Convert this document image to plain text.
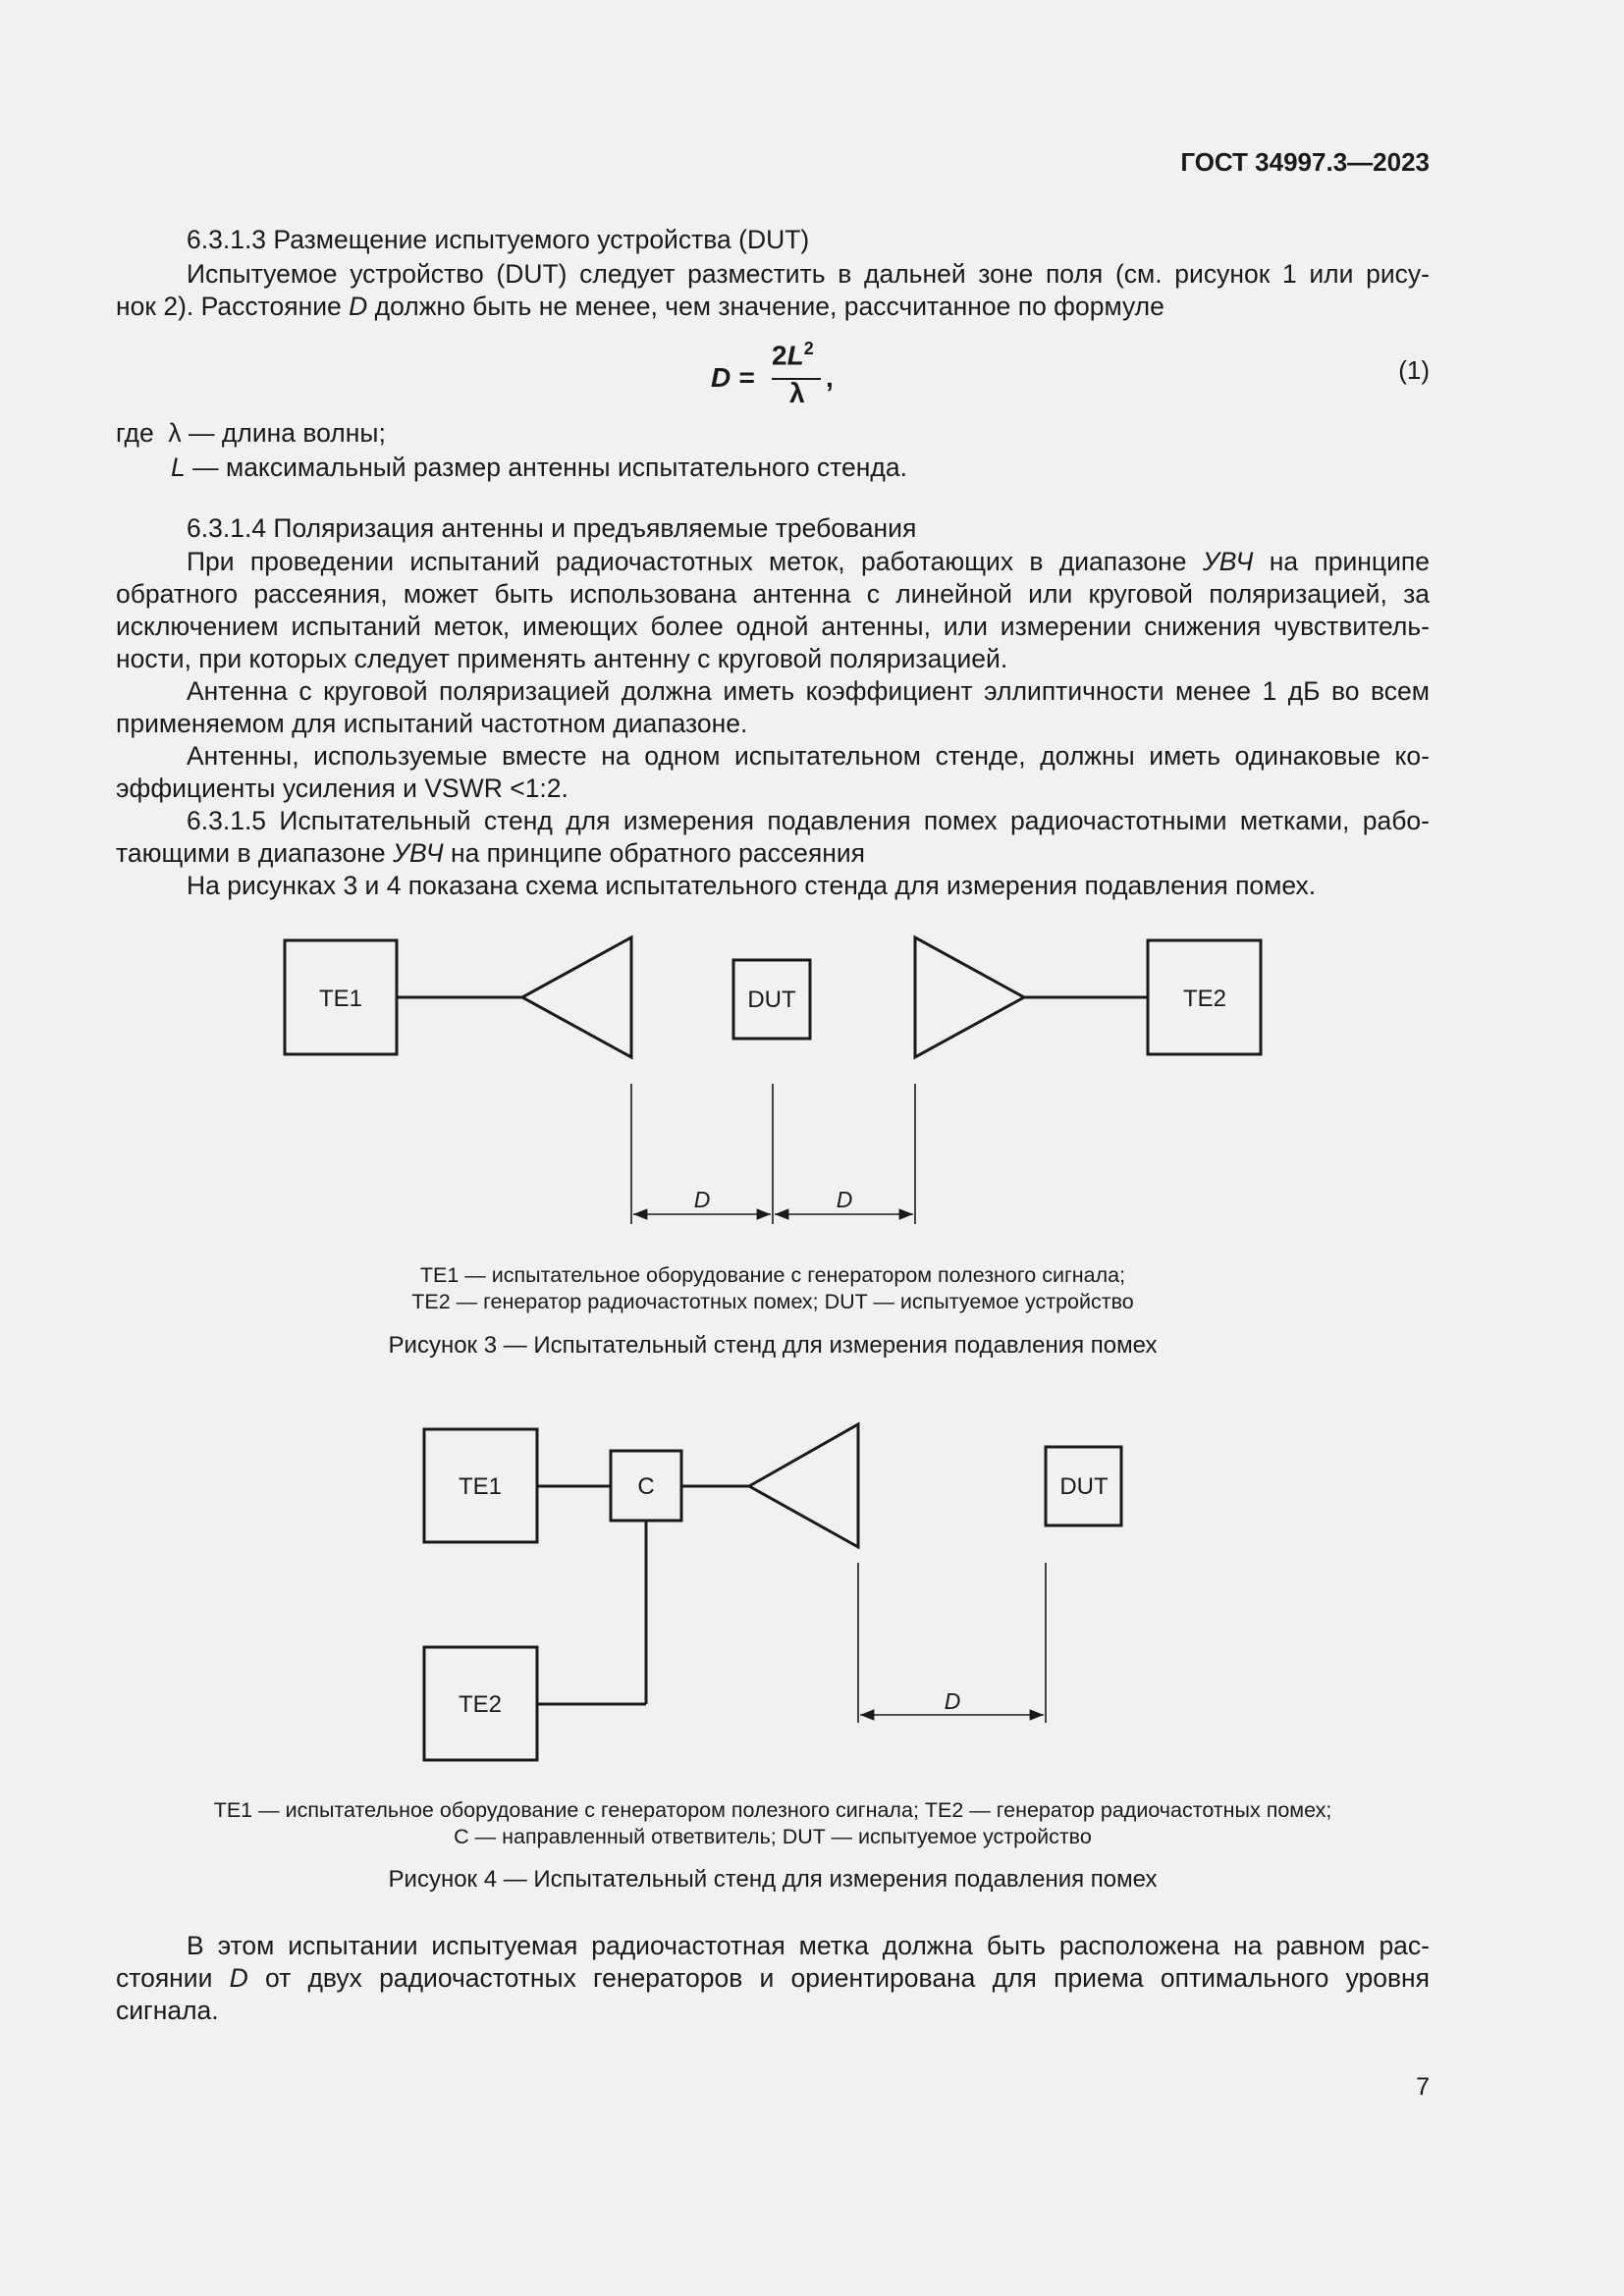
ГОСТ 34997.3—2023
6.3.1.3 Размещение испытуемого устройства (DUT)

Испытуемое устройство (DUT) следует разместить в дальней зоне поля (см. рисунок 1 или рису-

нок 2). Расстояние D должно быть не менее, чем значение, рассчитанное по формуле

D =
$2L^2$
λ
,	(1)
где λ — длина волны;
L — максимальный размер антенны испытательного стенда.
6.3.1.4 Поляризация антенны и предъявляемые требования

При проведении испытаний радиочастотных меток, работающих в диапазоне УВЧ на принципе обратного рассеяния, может быть использована антенна с линейной или круговой поляризацией, за исключением испытаний меток, имеющих более одной антенны, или измерении снижения чувствитель-ности, при которых следует применять антенну с круговой поляризацией.

Антенна с круговой поляризацией должна иметь коэффициент эллиптичности менее 1 дБ во всем применяемом для испытаний частотном диапазоне.

Антенны, используемые вместе на одном испытательном стенде, должны иметь одинаковые ко-эффициенты усиления и VSWR <1:2.

6.3.1.5 Испытательный стенд для измерения подавления помех радиочастотными метками, рабо-тающими в диапазоне УВЧ на принципе обратного рассеяния

На рисунках 3 и 4 показана схема испытательного стенда для измерения подавления помех.

TE1	DUT	TE2
D	D
TE1	C	DUT
TE2	D
TE1 — испытательное оборудование с генератором полезного сигнала;
TE2 — генератор радиочастотных помех; DUT — испытуемое устройство
Рисунок 3 — Испытательный стенд для измерения подавления помех
TE1 — испытательное оборудование с генератором полезного сигнала; TE2 — генератор радиочастотных помех;
C — направленный ответвитель; DUT — испытуемое устройство
Рисунок 4 — Испытательный стенд для измерения подавления помех
В этом испытании испытуемая радиочастотная метка должна быть расположена на равном рас-стоянии D от двух радиочастотных генераторов и ориентирована для приема оптимального уровня сигнала.
7
